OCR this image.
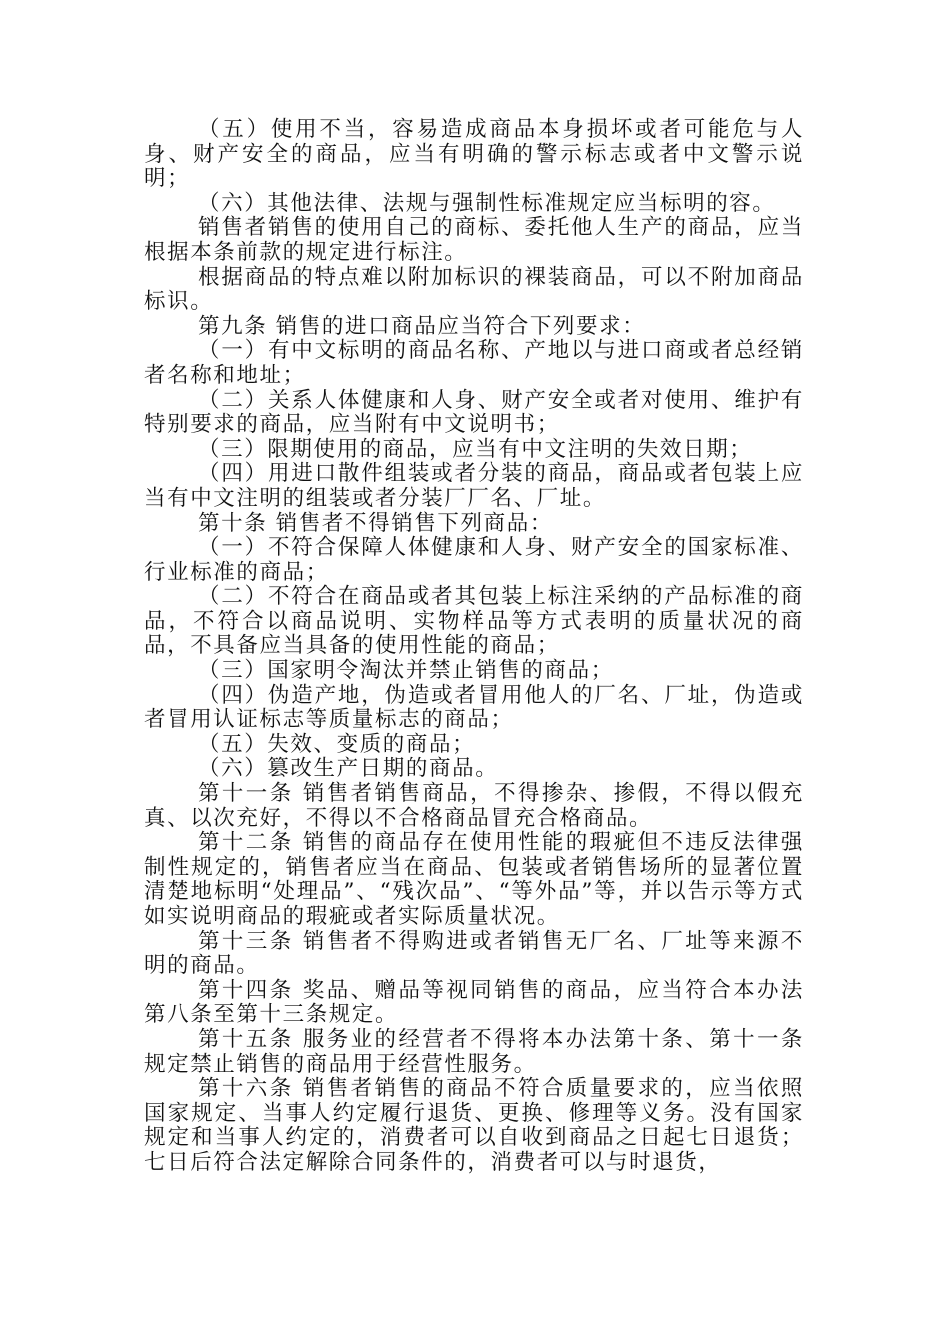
（五）使用不当，容易造成商品本身损坏或者可能危与人身、财产安全的商品，应当有明确的警示标志或者中文警示说明；

（六）其他法律、法规与强制性标准规定应当标明的容。

销售者销售的使用自己的商标、委托他人生产的商品，应当根据本条前款的规定进行标注。

根据商品的特点难以附加标识的裸装商品，可以不附加商品标识。

第九条 销售的进口商品应当符合下列要求：

（一）有中文标明的商品名称、产地以与进口商或者总经销者名称和地址；

（二）关系人体健康和人身、财产安全或者对使用、维护有特别要求的商品，应当附有中文说明书；

（三）限期使用的商品，应当有中文注明的失效日期；

（四）用进口散件组装或者分装的商品，商品或者包装上应当有中文注明的组装或者分装厂厂名、厂址。

第十条 销售者不得销售下列商品：

（一）不符合保障人体健康和人身、财产安全的国家标准、行业标准的商品；

（二）不符合在商品或者其包装上标注采纳的产品标准的商品，不符合以商品说明、实物样品等方式表明的质量状况的商品，不具备应当具备的使用性能的商品；

（三）国家明令淘汰并禁止销售的商品；

（四）伪造产地，伪造或者冒用他人的厂名、厂址，伪造或者冒用认证标志等质量标志的商品；

（五）失效、变质的商品；

（六）篡改生产日期的商品。

第十一条 销售者销售商品，不得掺杂、掺假，不得以假充真、以次充好，不得以不合格商品冒充合格商品。

第十二条 销售的商品存在使用性能的瑕疵但不违反法律强制性规定的，销售者应当在商品、包装或者销售场所的显著位置清楚地标明“处理品”、“残次品”、“等外品”等，并以告示等方式如实说明商品的瑕疵或者实际质量状况。

第十三条 销售者不得购进或者销售无厂名、厂址等来源不明的商品。

第十四条 奖品、赠品等视同销售的商品，应当符合本办法第八条至第十三条规定。

第十五条 服务业的经营者不得将本办法第十条、第十一条规定禁止销售的商品用于经营性服务。

第十六条 销售者销售的商品不符合质量要求的，应当依照国家规定、当事人约定履行退货、更换、修理等义务。没有国家规定和当事人约定的，消费者可以自收到商品之日起七日退货；七日后符合法定解除合同条件的，消费者可以与时退货，
